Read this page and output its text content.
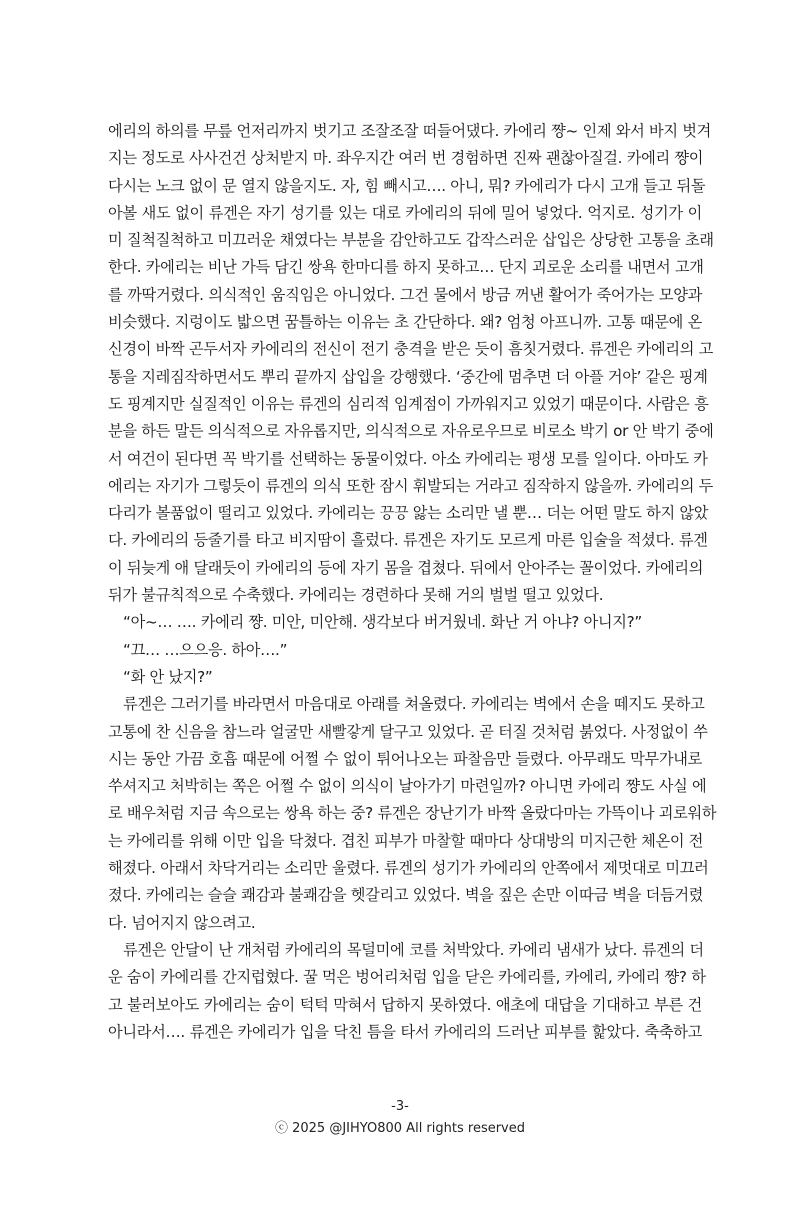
에리의 하의를 무릎 언저리까지 벗기고 조잘조잘 떠들어댔다. 카에리 쨩~ 인제 와서 바지 벗겨
지는 정도로 사사건건 상처받지 마. 좌우지간 여러 번 경험하면 진짜 괜찮아질걸. 카에리 쨩이
다시는 노크 없이 문 열지 않을지도. 자, 힘 빼시고…. 아니, 뭐? 카에리가 다시 고개 들고 뒤돌
아볼 새도 없이 류겐은 자기 성기를 있는 대로 카에리의 뒤에 밀어 넣었다. 억지로. 성기가 이
미 질척질척하고 미끄러운 채였다는 부분을 감안하고도 갑작스러운 삽입은 상당한 고통을 초래
한다. 카에리는 비난 가득 담긴 쌍욕 한마디를 하지 못하고… 단지 괴로운 소리를 내면서 고개
를 까딱거렸다. 의식적인 움직임은 아니었다. 그건 물에서 방금 꺼낸 활어가 죽어가는 모양과
비슷했다. 지렁이도 밟으면 꿈틀하는 이유는 초 간단하다. 왜? 엄청 아프니까. 고통 때문에 온
신경이 바짝 곤두서자 카에리의 전신이 전기 충격을 받은 듯이 흠칫거렸다. 류겐은 카에리의 고
통을 지레짐작하면서도 뿌리 끝까지 삽입을 강행했다. ‘중간에 멈추면 더 아플 거야’ 같은 핑계
도 핑계지만 실질적인 이유는 류겐의 심리적 임계점이 가까워지고 있었기 때문이다. 사람은 흥
분을 하든 말든 의식적으로 자유롭지만, 의식적으로 자유로우므로 비로소 박기 or 안 박기 중에
서 여건이 된다면 꼭 박기를 선택하는 동물이었다. 아소 카에리는 평생 모를 일이다. 아마도 카
에리는 자기가 그렇듯이 류겐의 의식 또한 잠시 휘발되는 거라고 짐작하지 않을까. 카에리의 두
다리가 볼품없이 떨리고 있었다. 카에리는 끙끙 앓는 소리만 낼 뿐… 더는 어떤 말도 하지 않았
다. 카에리의 등줄기를 타고 비지땀이 흘렀다. 류겐은 자기도 모르게 마른 입술을 적셨다. 류겐
이 뒤늦게 애 달래듯이 카에리의 등에 자기 몸을 겹쳤다. 뒤에서 안아주는 꼴이었다. 카에리의
뒤가 불규칙적으로 수축했다. 카에리는 경련하다 못해 거의 벌벌 떨고 있었다.
“아~… …. 카에리 쨩. 미안, 미안해. 생각보다 버거웠네. 화난 거 아냐? 아니지?”
“끄… …으으응. 하아….”
“화 안 났지?”
류겐은 그러기를 바라면서 마음대로 아래를 쳐올렸다. 카에리는 벽에서 손을 떼지도 못하고
고통에 찬 신음을 참느라 얼굴만 새빨갛게 달구고 있었다. 곧 터질 것처럼 붉었다. 사정없이 쑤
시는 동안 가끔 호흡 때문에 어쩔 수 없이 튀어나오는 파찰음만 들렸다. 아무래도 막무가내로
쑤셔지고 처박히는 쪽은 어쩔 수 없이 의식이 날아가기 마련일까? 아니면 카에리 쨩도 사실 에
로 배우처럼 지금 속으로는 쌍욕 하는 중? 류겐은 장난기가 바짝 올랐다마는 가뜩이나 괴로워하
는 카에리를 위해 이만 입을 닥쳤다. 겹친 피부가 마찰할 때마다 상대방의 미지근한 체온이 전
해졌다. 아래서 차닥거리는 소리만 울렸다. 류겐의 성기가 카에리의 안쪽에서 제멋대로 미끄러
졌다. 카에리는 슬슬 쾌감과 불쾌감을 헷갈리고 있었다. 벽을 짚은 손만 이따금 벽을 더듬거렸
다. 넘어지지 않으려고.
류겐은 안달이 난 개처럼 카에리의 목덜미에 코를 처박았다. 카에리 냄새가 났다. 류겐의 더
운 숨이 카에리를 간지럽혔다. 꿀 먹은 벙어리처럼 입을 닫은 카에리를, 카에리, 카에리 쨩? 하
고 불러보아도 카에리는 숨이 턱턱 막혀서 답하지 못하였다. 애초에 대답을 기대하고 부른 건
아니라서…. 류겐은 카에리가 입을 닥친 틈을 타서 카에리의 드러난 피부를 핥았다. 축축하고
-3-
ⓒ 2025 @JIHYO800 All rights reserved
